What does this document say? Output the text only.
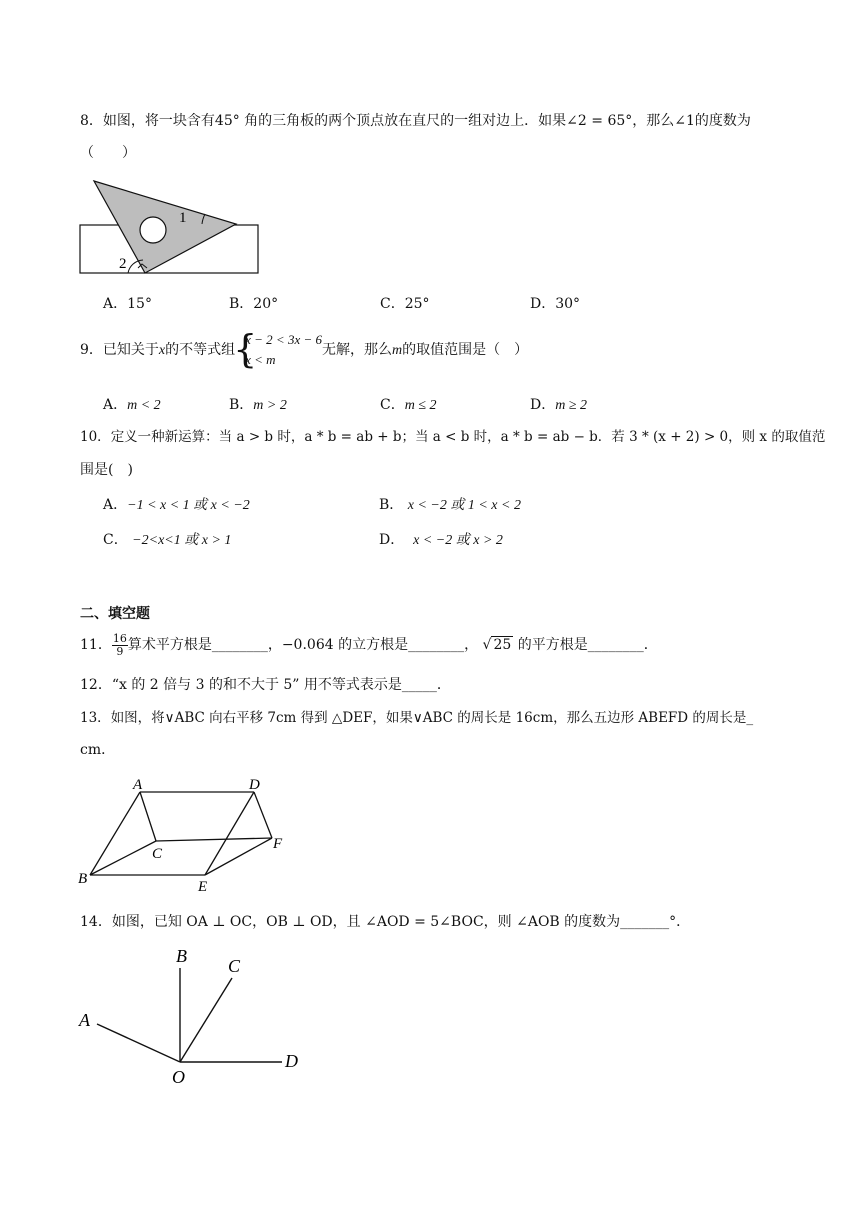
8．如图，将一块含有45° 角的三角板的两个顶点放在直尺的一组对边上．如果∠2 = 65°，那么∠1的度数为
（　　）
1
2
A．15°	B．20°	C．25°	D．30°
9．已知关于x的不等式组
{ x − 2 < 3x − 6
x < m
无解，那么m的取值范围是（　）
A．m < 2	B．m > 2	C．m ≤ 2	D．m ≥ 2
10．定义一种新运算：当 a > b 时，a * b = ab + b；当 a < b 时，a * b = ab − b．若 3 * (x + 2) > 0，则 x 的取值范
围是(　)
A．−1 < x < 1 或 x < −2	B． x < −2 或 1 < x < 2
C． −2<x<1 或 x > 1	D． x < −2 或 x > 2
二、填空题
11． $\frac{16}{9}$ 算术平方根是________，−0.064 的立方根是________， √ 25 的平方根是________．
12．“x 的 2 倍与 3 的和不大于 5” 用不等式表示是_____．
13．如图，将∨ABC 向右平移 7cm 得到 △DEF，如果∨ABC 的周长是 16cm，那么五边形 ABEFD 的周长是_
cm．
A
B
C
D
E
F
14．如图，已知 OA ⊥ OC，OB ⊥ OD，且 ∠AOD = 5∠BOC，则 ∠AOB 的度数为_______°．
B C
A
D
O
